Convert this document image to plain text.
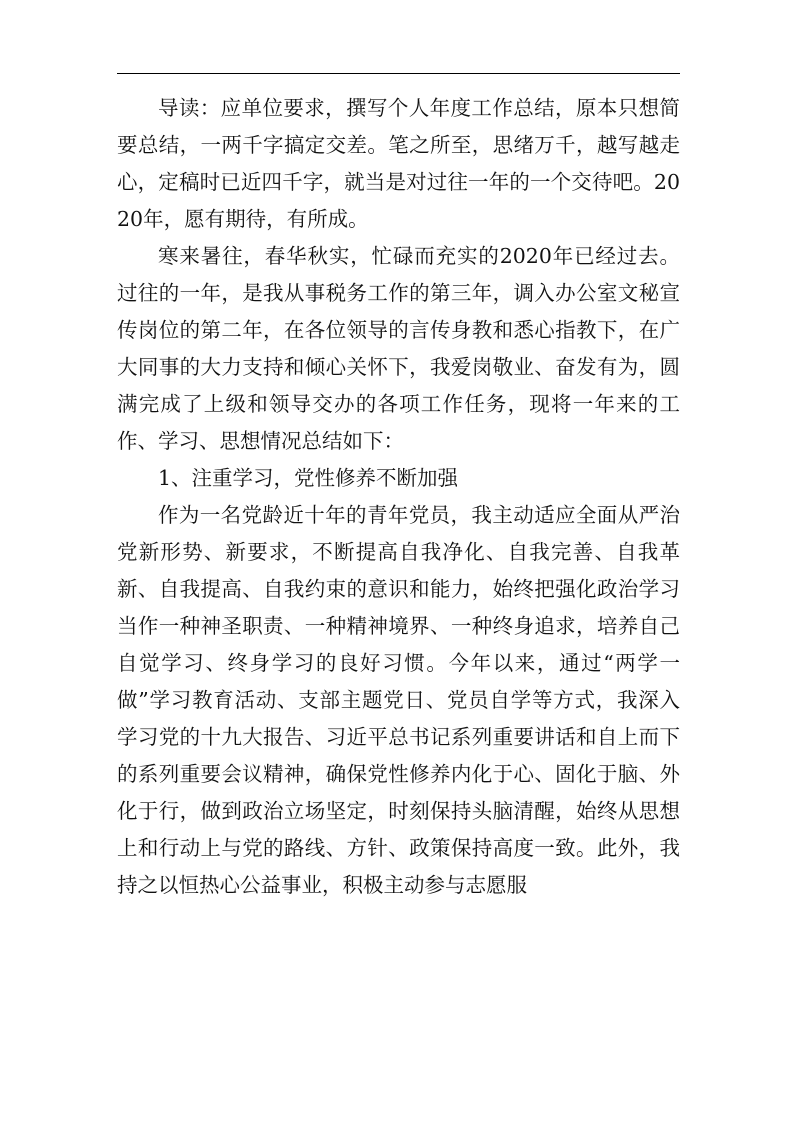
导读：应单位要求，撰写个人年度工作总结，原本只想简要总结，一两千字搞定交差。笔之所至，思绪万千，越写越走心，定稿时已近四千字，就当是对过往一年的一个交待吧。2020年，愿有期待，有所成。

寒来暑往，春华秋实，忙碌而充实的2020年已经过去。过往的一年，是我从事税务工作的第三年，调入办公室文秘宣传岗位的第二年，在各位领导的言传身教和悉心指教下，在广大同事的大力支持和倾心关怀下，我爱岗敬业、奋发有为，圆满完成了上级和领导交办的各项工作任务，现将一年来的工作、学习、思想情况总结如下：

1、注重学习，党性修养不断加强

作为一名党龄近十年的青年党员，我主动适应全面从严治党新形势、新要求，不断提高自我净化、自我完善、自我革新、自我提高、自我约束的意识和能力，始终把强化政治学习当作一种神圣职责、一种精神境界、一种终身追求，培养自己自觉学习、终身学习的良好习惯。今年以来，通过“两学一做”学习教育活动、支部主题党日、党员自学等方式，我深入学习党的十九大报告、习近平总书记系列重要讲话和自上而下的系列重要会议精神，确保党性修养内化于心、固化于脑、外化于行，做到政治立场坚定，时刻保持头脑清醒，始终从思想上和行动上与党的路线、方针、政策保持高度一致。此外，我持之以恒热心公益事业，积极主动参与志愿服
